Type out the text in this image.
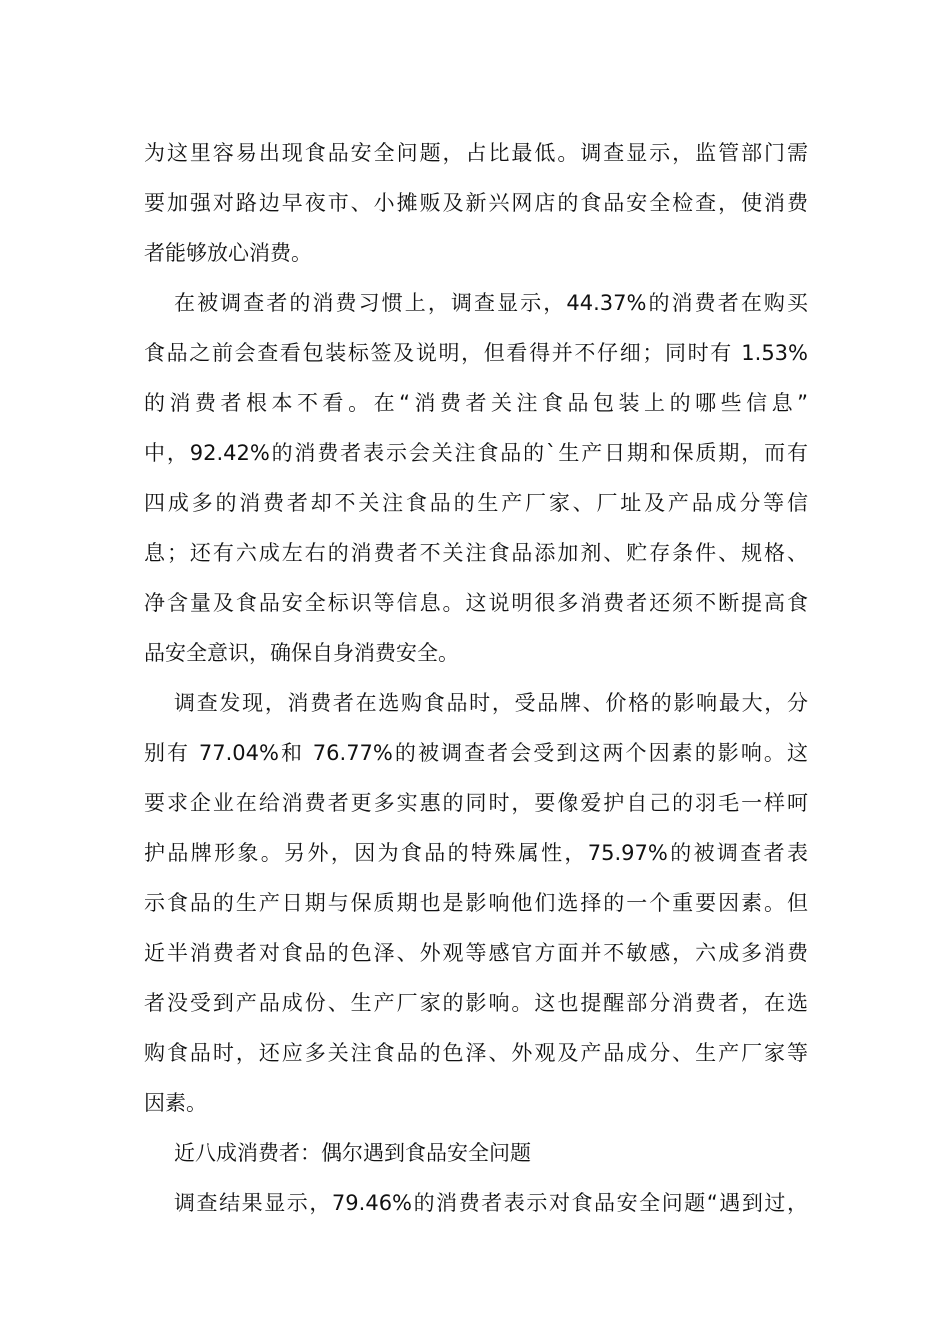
为这里容易出现食品安全问题，占比最低。调查显示，监管部门需
要加强对路边早夜市、小摊贩及新兴网店的食品安全检查，使消费
者能够放心消费。
在被调查者的消费习惯上，调查显示，44.37%的消费者在购买
食品之前会查看包装标签及说明，但看得并不仔细；同时有 1.53%
的消费者根本不看。在“消费者关注食品包装上的哪些信息”
中，92.42%的消费者表示会关注食品的`生产日期和保质期，而有
四成多的消费者却不关注食品的生产厂家、厂址及产品成分等信
息；还有六成左右的消费者不关注食品添加剂、贮存条件、规格、
净含量及食品安全标识等信息。这说明很多消费者还须不断提高食
品安全意识，确保自身消费安全。
调查发现，消费者在选购食品时，受品牌、价格的影响最大，分
别有 77.04%和 76.77%的被调查者会受到这两个因素的影响。这
要求企业在给消费者更多实惠的同时，要像爱护自己的羽毛一样呵
护品牌形象。另外，因为食品的特殊属性，75.97%的被调查者表
示食品的生产日期与保质期也是影响他们选择的一个重要因素。但
近半消费者对食品的色泽、外观等感官方面并不敏感，六成多消费
者没受到产品成份、生产厂家的影响。这也提醒部分消费者，在选
购食品时，还应多关注食品的色泽、外观及产品成分、生产厂家等
因素。
近八成消费者：偶尔遇到食品安全问题
调查结果显示，79.46%的消费者表示对食品安全问题“遇到过，
